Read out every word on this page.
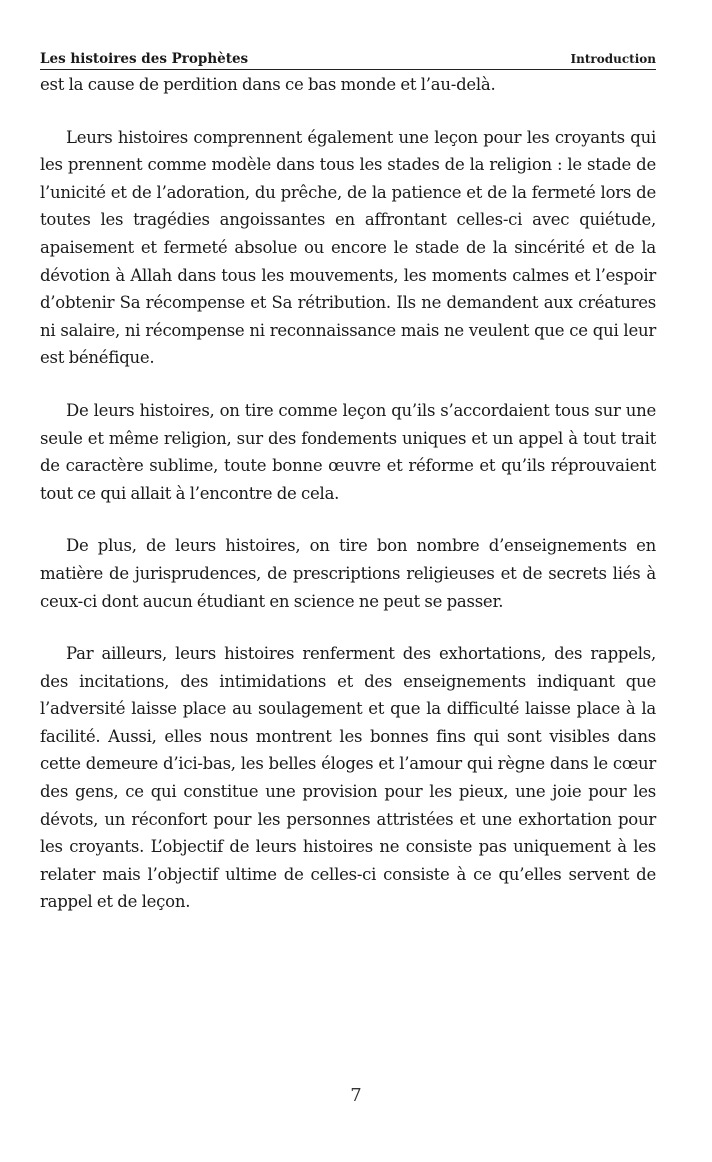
Les histoires des Prophètes	Introduction

est la cause de perdition dans ce bas monde et l’au-delà.

Leurs histoires comprennent également une leçon pour les croyants qui les prennent comme modèle dans tous les stades de la religion : le stade de l’unicité et de l’adoration, du prêche, de la patience et de la fermeté lors de toutes les tragédies angoissantes en affrontant celles-ci avec quiétude, apaisement et fermeté absolue ou encore le stade de la sincérité et de la dévotion à Allah dans tous les mouvements, les moments calmes et l’espoir d’obtenir Sa récompense et Sa rétribution. Ils ne demandent aux créatures ni salaire, ni récompense ni reconnaissance mais ne veulent que ce qui leur est bénéfique.

De leurs histoires, on tire comme leçon qu’ils s’accordaient tous sur une seule et même religion, sur des fondements uniques et un appel à tout trait de caractère sublime, toute bonne œuvre et réforme et qu’ils réprouvaient tout ce qui allait à l’encontre de cela.

De plus, de leurs histoires, on tire bon nombre d’enseignements en matière de jurisprudences, de prescriptions religieuses et de secrets liés à ceux-ci dont aucun étudiant en science ne peut se passer.

Par ailleurs, leurs histoires renferment des exhortations, des rappels, des incitations, des intimidations et des enseignements indiquant que l’adversité laisse place au soulagement et que la difficulté laisse place à la facilité. Aussi, elles nous montrent les bonnes fins qui sont visibles dans cette demeure d’ici-bas, les belles éloges et l’amour qui règne dans le cœur des gens, ce qui constitue une provision pour les pieux, une joie pour les dévots, un réconfort pour les personnes attristées et une exhortation pour les croyants. L’objectif de leurs histoires ne consiste pas uniquement à les relater mais l’objectif ultime de celles-ci consiste à ce qu’elles servent de rappel et de leçon.

7
